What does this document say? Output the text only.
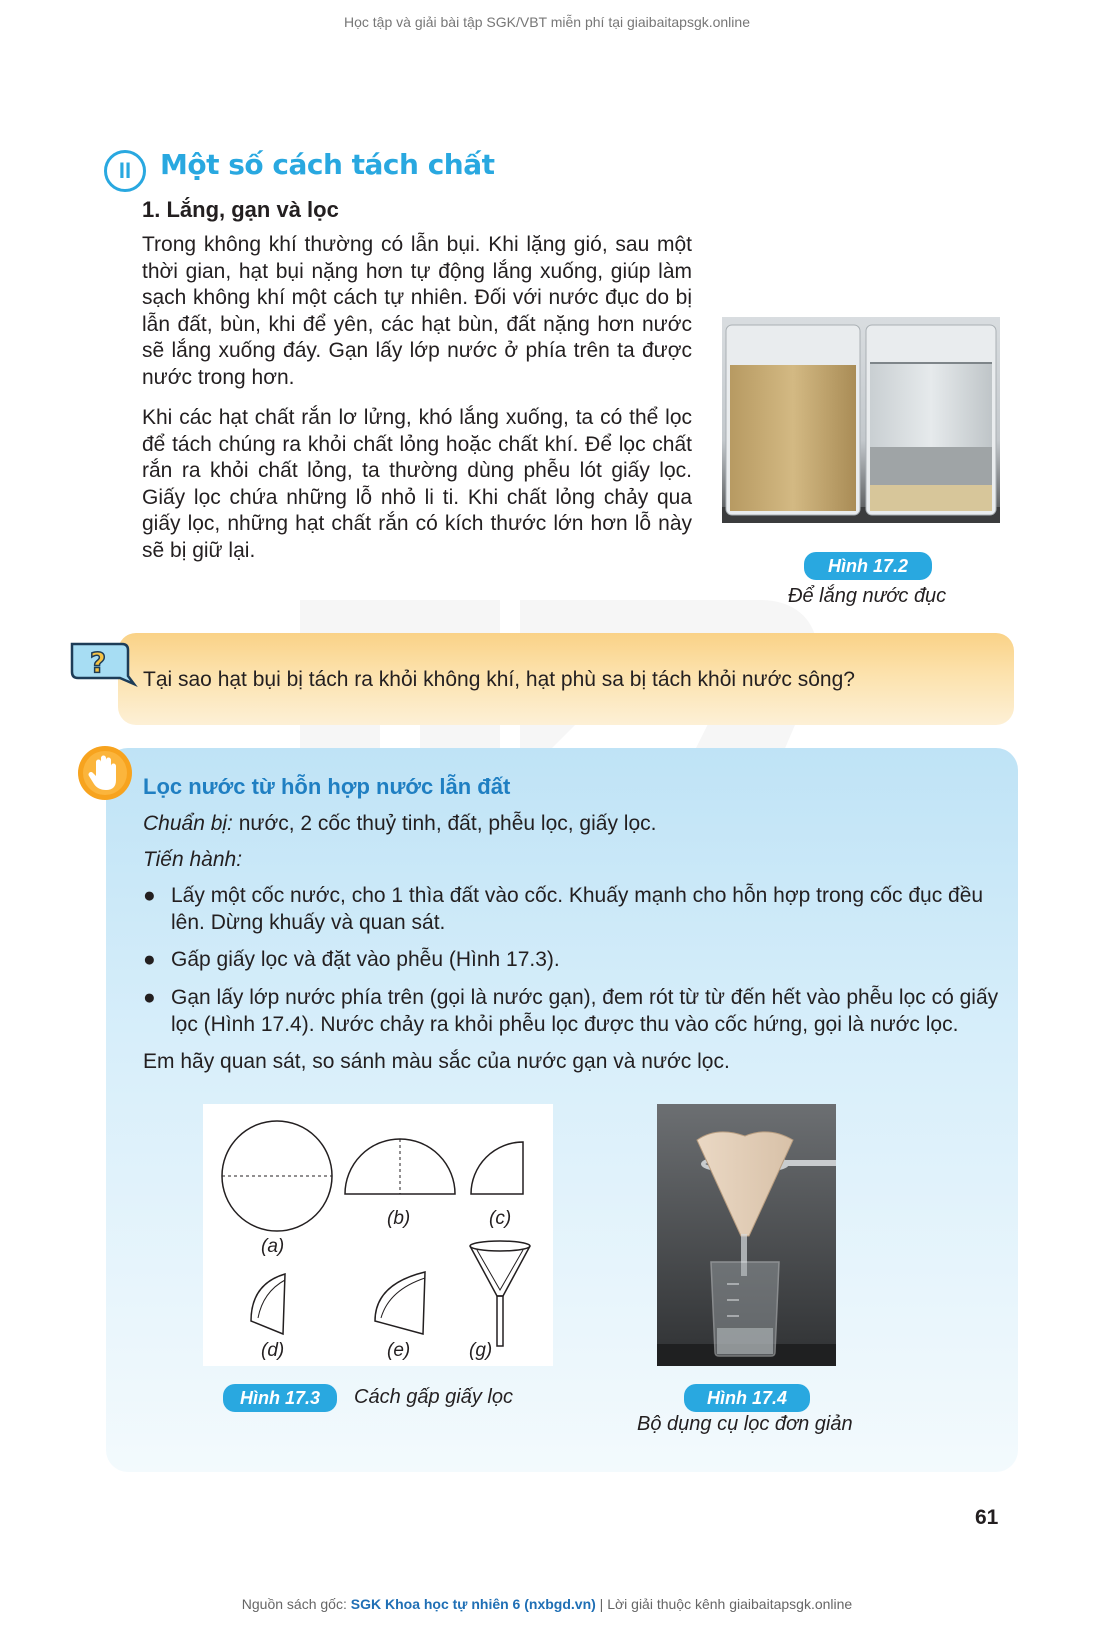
Học tập và giải bài tập SGK/VBT miễn phí tại giaibaitapsgk.online
II	Một số cách tách chất
1. Lắng, gạn và lọc
Trong không khí thường có lẫn bụi. Khi lặng gió, sau một thời gian, hạt bụi nặng hơn tự động lắng xuống, giúp làm sạch không khí một cách tự nhiên. Đối với nước đục do bị lẫn đất, bùn, khi để yên, các hạt bùn, đất nặng hơn nước sẽ lắng xuống đáy. Gạn lấy lớp nước ở phía trên ta được nước trong hơn.
Khi các hạt chất rắn lơ lửng, khó lắng xuống, ta có thể lọc để tách chúng ra khỏi chất lỏng hoặc chất khí. Để lọc chất rắn ra khỏi chất lỏng, ta thường dùng phễu lót giấy lọc. Giấy lọc chứa những lỗ nhỏ li ti. Khi chất lỏng chảy qua giấy lọc, những hạt chất rắn có kích thước lớn hơn lỗ này sẽ bị giữ lại.
Hình 17.2
Để lắng nước đục
?
Tại sao hạt bụi bị tách ra khỏi không khí, hạt phù sa bị tách khỏi nước sông?
Lọc nước từ hỗn hợp nước lẫn đất
Chuẩn bị: nước, 2 cốc thuỷ tinh, đất, phễu lọc, giấy lọc.
Tiến hành:
● Lấy một cốc nước, cho 1 thìa đất vào cốc. Khuấy mạnh cho hỗn hợp trong cốc đục đều lên. Dừng khuấy và quan sát.
● Gấp giấy lọc và đặt vào phễu (Hình 17.3).
● Gạn lấy lớp nước phía trên (gọi là nước gạn), đem rót từ từ đến hết vào phễu lọc có giấy lọc (Hình 17.4). Nước chảy ra khỏi phễu lọc được thu vào cốc hứng, gọi là nước lọc.
Em hãy quan sát, so sánh màu sắc của nước gạn và nước lọc.
(a)
(b)	(c)
(d)	(e)	(g)
Hình 17.3	Cách gấp giấy lọc	Hình 17.4
Bộ dụng cụ lọc đơn giản
61
Nguồn sách gốc: SGK Khoa học tự nhiên 6 (nxbgd.vn) | Lời giải thuộc kênh giaibaitapsgk.online
